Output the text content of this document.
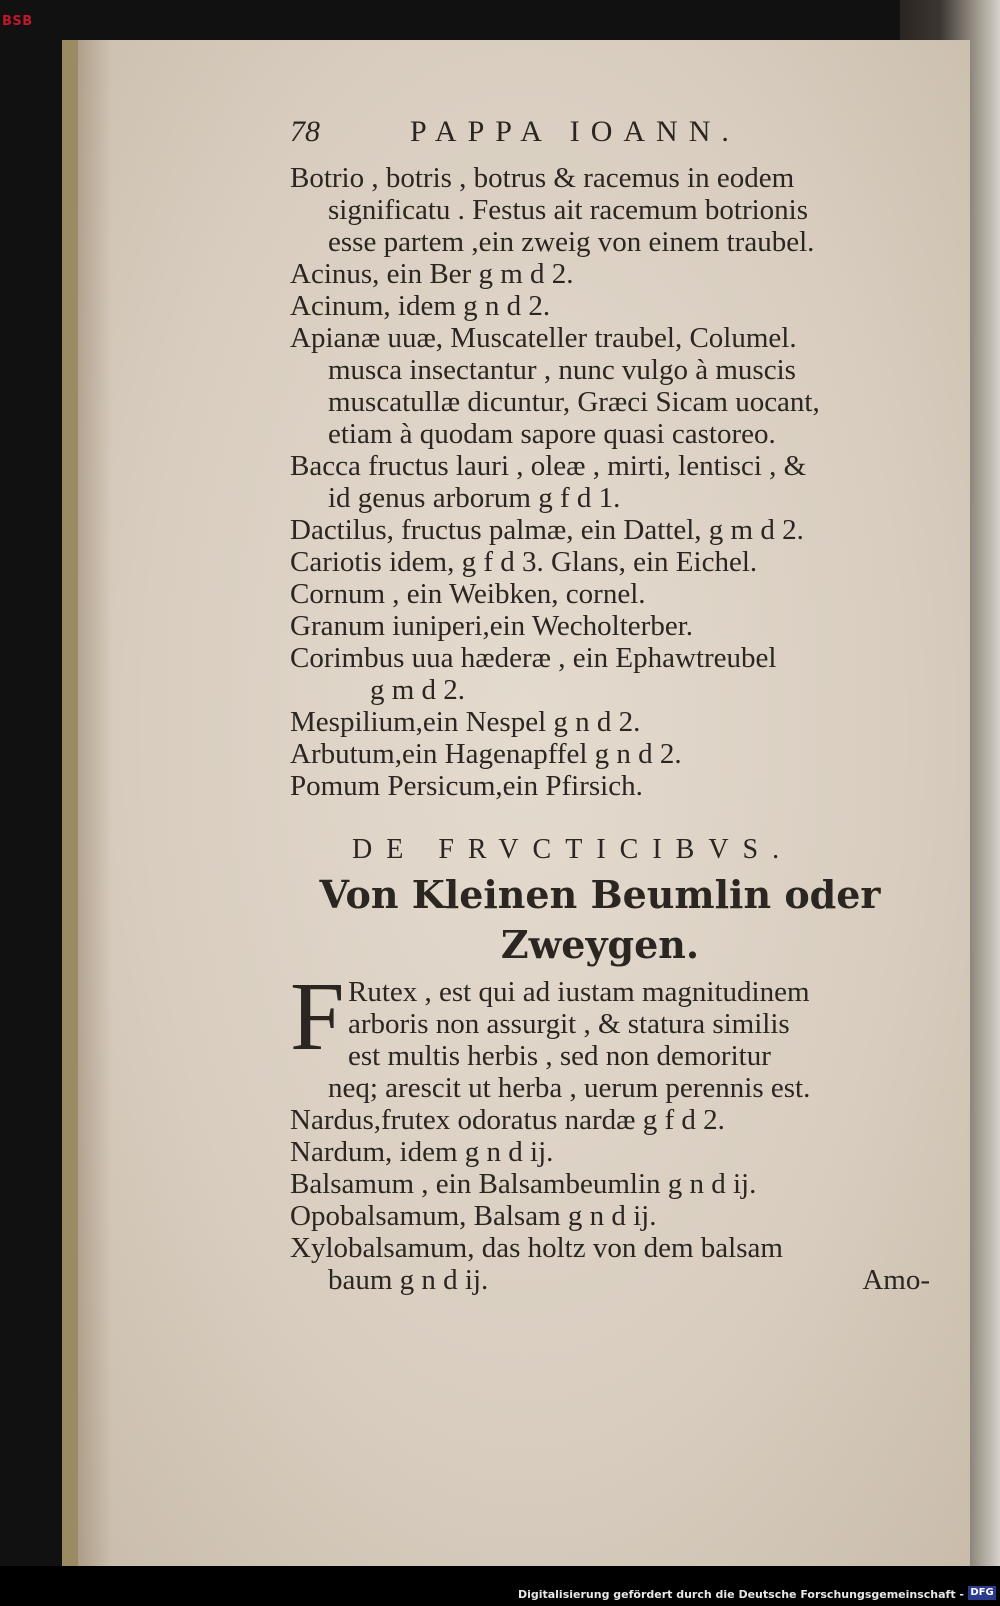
BSB
78	PAPPA IOANN.
Botrio , botris , botrus & racemus in eodem
significatu . Festus ait racemum botrionis
esse partem ,ein zweig von einem traubel.
Acinus, ein Ber g m d 2.
Acinum, idem g n d 2.
Apianæ uuæ, Muscateller traubel, Columel.
musca insectantur , nunc vulgo à muscis
muscatullæ dicuntur, Græci Sicam uocant,
etiam à quodam sapore quasi castoreo.
Bacca fructus lauri , oleæ , mirti, lentisci , &
id genus arborum g f d 1.
Dactilus, fructus palmæ, ein Dattel, g m d 2.
Cariotis idem, g f d 3. Glans, ein Eichel.
Cornum , ein Weibken, cornel.
Granum iuniperi,ein Wecholterber.
Corimbus uua hæderæ , ein Ephawtreubel
g m d 2.
Mespilium,ein Nespel g n d 2.
Arbutum,ein Hagenapffel g n d 2.
Pomum Persicum,ein Pfirsich.
DE FRVCTICIBVS.
Von Kleinen Beumlin oder
Zweygen.
F Rutex , est qui ad iustam magnitudinem
arboris non assurgit , & statura similis
est multis herbis , sed non demoritur
neq; arescit ut herba , uerum perennis est.
Nardus,frutex odoratus nardæ g f d 2.
Nardum, idem g n d ij.
Balsamum , ein Balsambeumlin g n d ij.
Opobalsamum, Balsam g n d ij.
Xylobalsamum, das holtz von dem balsam
baum g n d ij.	Amo-
Digitalisierung gefördert durch die Deutsche Forschungsgemeinschaft - DFG
